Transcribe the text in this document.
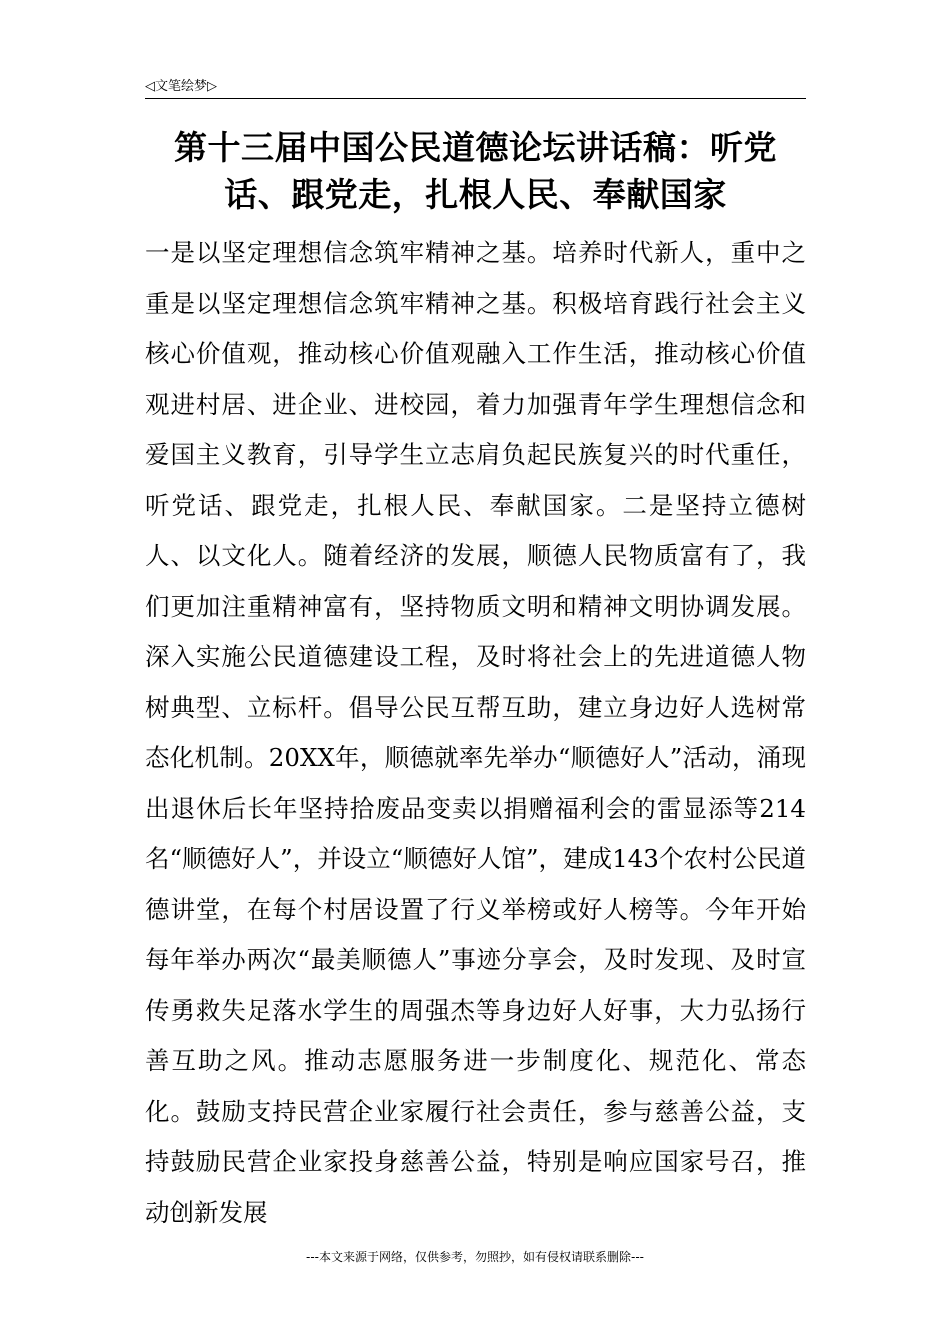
◁文笔绘梦▷
第十三届中国公民道德论坛讲话稿：听党话、跟党走，扎根人民、奉献国家

一是以坚定理想信念筑牢精神之基。培养时代新人，重中之重是以坚定理想信念筑牢精神之基。积极培育践行社会主义核心价值观，推动核心价值观融入工作生活，推动核心价值观进村居、进企业、进校园，着力加强青年学生理想信念和爱国主义教育，引导学生立志肩负起民族复兴的时代重任，听党话、跟党走，扎根人民、奉献国家。二是坚持立德树人、以文化人。随着经济的发展，顺德人民物质富有了，我们更加注重精神富有，坚持物质文明和精神文明协调发展。深入实施公民道德建设工程，及时将社会上的先进道德人物树典型、立标杆。倡导公民互帮互助，建立身边好人选树常态化机制。20XX年，顺德就率先举办“顺德好人”活动，涌现出退休后长年坚持拾废品变卖以捐赠福利会的雷显添等214名“顺德好人”，并设立“顺德好人馆”，建成143个农村公民道德讲堂，在每个村居设置了行义举榜或好人榜等。今年开始每年举办两次“最美顺德人”事迹分享会，及时发现、及时宣传勇救失足落水学生的周强杰等身边好人好事，大力弘扬行善互助之风。推动志愿服务进一步制度化、规范化、常态化。鼓励支持民营企业家履行社会责任，参与慈善公益，支持鼓励民营企业家投身慈善公益，特别是响应国家号召，推动创新发展

---本文来源于网络，仅供参考，勿照抄，如有侵权请联系删除---
